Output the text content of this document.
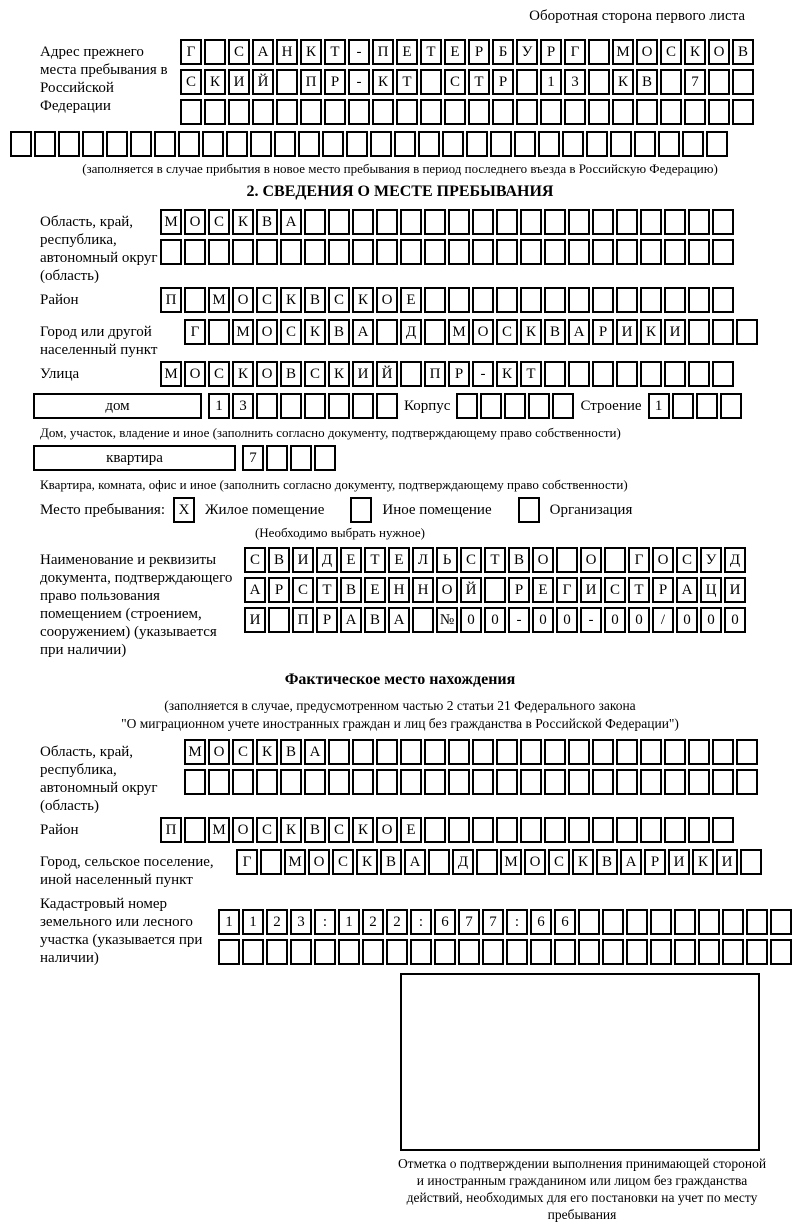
Оборотная сторона первого листа
Адрес прежнего места пребывания в Российской Федерации
Г	С А Н К Т - П Е Т Е Р Б У Р Г М О С К О В
С К И Й П Р - К Т	С Т Р	1 3	К В	7
(заполняется в случае прибытия в новое место пребывания в период последнего въезда в Российскую Федерацию)
2. СВЕДЕНИЯ О МЕСТЕ ПРЕБЫВАНИЯ
Область, край, республика, автономный округ (область)
М О С К В А
Район	П М О С К В С К О Е
Город или другой населенный пункт
Г М О С К В А Д М О С К В А Р И К И
Улица	М О С К О В С К И Й П Р - К Т
дом	1 3	Корпус	Строение 1
Дом, участок, владение и иное (заполнить согласно документу, подтверждающему право собственности)
квартира	7
Квартира, комната, офис и иное (заполнить согласно документу, подтверждающему право собственности)
Место пребывания: X	Жилое помещение	Иное помещение	Организация
(Необходимо выбрать нужное)
Наименование и реквизиты документа, подтверждающего право пользования помещением (строением, сооружением) (указывается при наличии)
С В И Д Е Т Е Л Ь С Т В О О	Г О С У Д
А Р С Т В Е Н Н О Й	Р Е Г И С Т Р А Ц И
И П Р А В А № 0 0 - 0 0 - 0 0 / 0 0 0
Фактическое место нахождения
(заполняется в случае, предусмотренном частью 2 статьи 21 Федерального закона
"О миграционном учете иностранных граждан и лиц без гражданства в Российской Федерации")
Область, край, республика, автономный округ (область)
М О С К В А
Район	П М О С К В С К О Е
Город, сельское поселение, иной населенный пункт
Г М О С К В А Д М О С К В А Р И К И
Кадастровый номер земельного или лесного участка (указывается при наличии)
1 1 2 3 : 1 2 2 : 6 7 7 : 6 6
Отметка о подтверждении выполнения принимающей стороной и иностранным гражданином или лицом без гражданства действий, необходимых для его постановки на учет по месту пребывания
